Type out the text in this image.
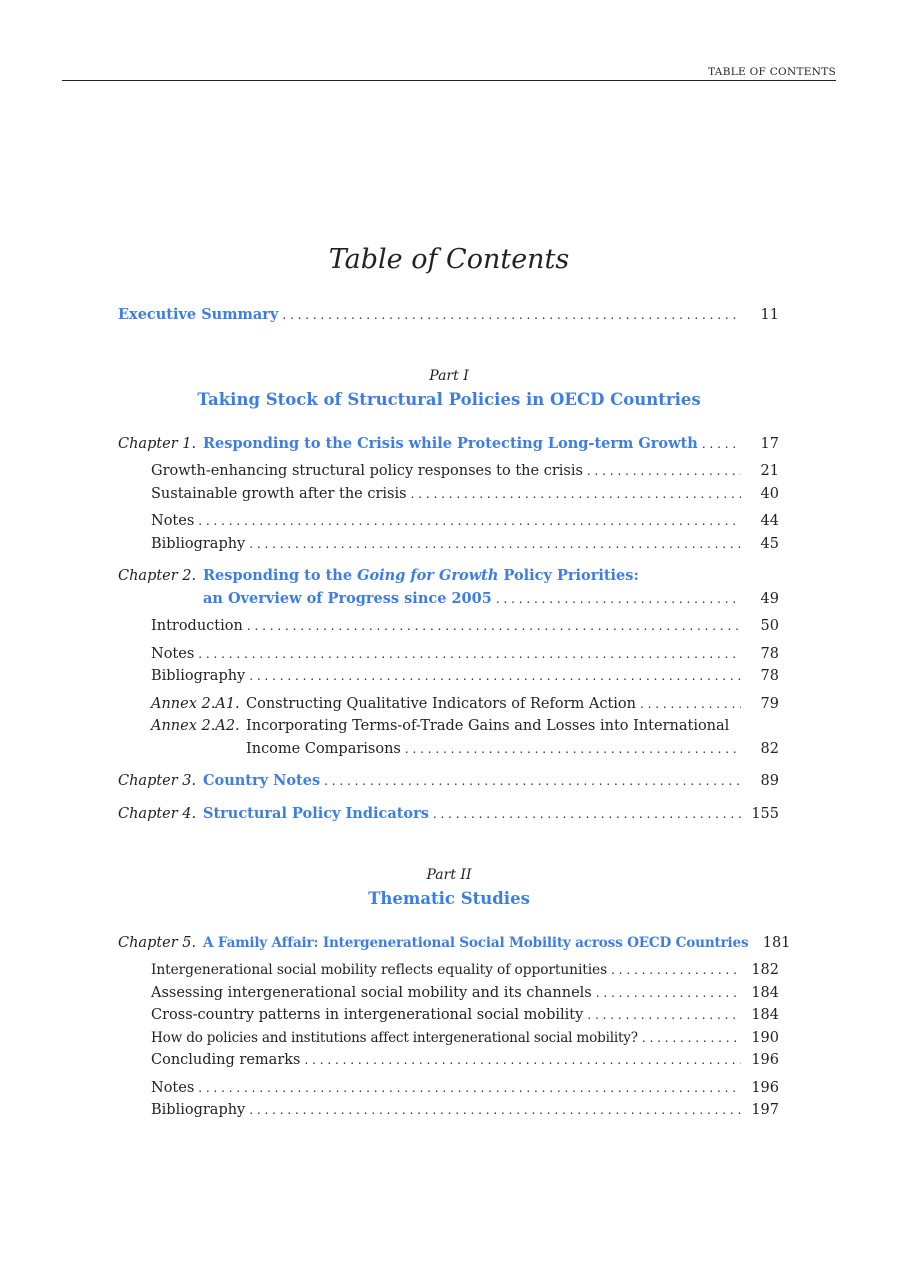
TABLE OF CONTENTS
Table of Contents
Executive Summary . . .	11
Part I
Taking Stock of Structural Policies in OECD Countries
Chapter 1. Responding to the Crisis while Protecting Long-term Growth . . .	17
Growth-enhancing structural policy responses to the crisis . . .	21
Sustainable growth after the crisis . . .	40
Notes . . .	44
Bibliography . . .	45
Chapter 2. Responding to the Going for Growth Policy Priorities:
an Overview of Progress since 2005 . . .	49
Introduction . . .	50
Notes . . .	78
Bibliography . . .	78
Annex 2.A1. Constructing Qualitative Indicators of Reform Action . . .	79
Annex 2.A2. Incorporating Terms-of-Trade Gains and Losses into International
Income Comparisons . . .	82
Chapter 3. Country Notes . . .	89
Chapter 4. Structural Policy Indicators . . .	155
Part II
Thematic Studies
Chapter 5. A Family Affair: Intergenerational Social Mobility across OECD Countries 181
Intergenerational social mobility reflects equality of opportunities . . .	182
Assessing intergenerational social mobility and its channels . . .	184
Cross-country patterns in intergenerational social mobility . . .	184
How do policies and institutions affect intergenerational social mobility? . . .	190
Concluding remarks . . .	196
Notes . . .	196
Bibliography . . .	197
